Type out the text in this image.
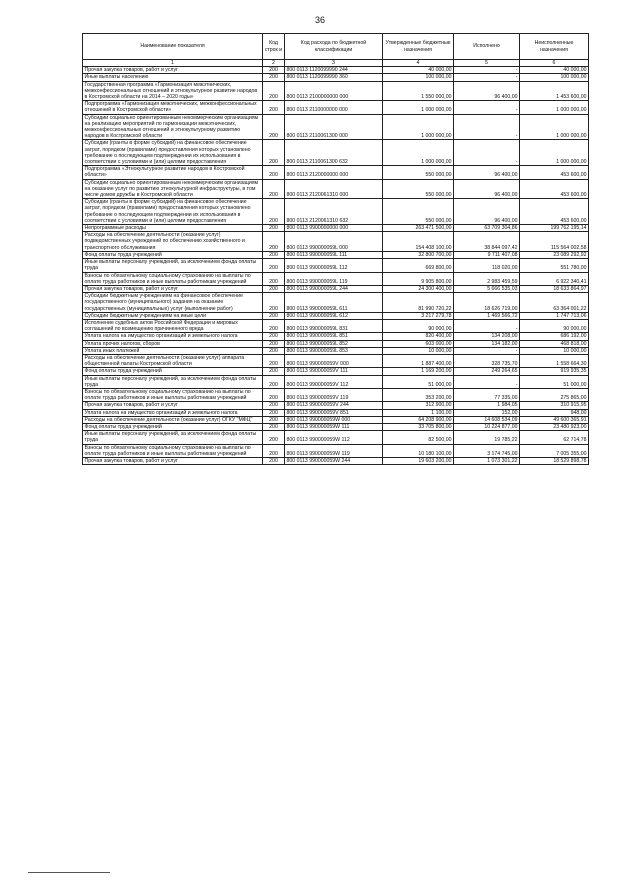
36
Наименование показателя	Код строк и	Код расхода по бюджетной классификации	Утвержденные бюджетные назначения	Исполнено	Неисполненные назначения
1	2	3	4	5	6
Прочая закупка товаров, работ и услуг	200	800 0113 1120099990 244	40 000,00	-	40 000,00
Иные выплаты населению	200	800 0113 1120099990 360	100 000,00	-	100 000,00
Государственная программа «Гармонизация межэтнических, межконфессиональных отношений и этнокультурное развитие народов в Костромской области на 2014 – 2020 годы»	200	800 0113 2100000000 000	1 550 000,00	96 400,00	1 453 600,00
Подпрограмма «Гармонизация межэтнических, межконфессиональных отношений в Костромской области»	200	800 0113 2110000000 000	1 000 000,00	-	1 000 000,00
Субсидии социально ориентированным некоммерческим организациям на реализацию мероприятий по гармонизации межэтнических, межконфессиональных отношений и этнокультурному развитию народов в Костромской области	200	800 0113 2110061300 000	1 000 000,00	-	1 000 000,00
Субсидии (гранты в форме субсидий) на финансовое обеспечение затрат, порядком (правилами) предоставления которых установлено требование о последующем подтверждении их использования в соответствии с условиями и (или) целями предоставления	200	800 0113 2110061300 632	1 000 000,00	-	1 000 000,00
Подпрограмма «Этнокультурное развитие народов в Костромской области»	200	800 0113 2120000000 000	550 000,00	96 400,00	453 600,00
Субсидии социально ориентированным некоммерческим организациям на оказание услуг по развитию этнокультурной инфраструктуры, в том числе домов дружбы в Костромской области	200	800 0113 2120061310 000	550 000,00	96 400,00	453 600,00
Субсидии (гранты в форме субсидий) на финансовое обеспечение затрат, порядком (правилами) предоставления которых установлено требование о последующем подтверждении их использования в соответствии с условиями и (или) целями предоставления	200	800 0113 2120061310 632	550 000,00	96 400,00	453 600,00
Непрограммные расходы	200	800 0113 9900000000 000	263 471 500,00	63 709 304,86	199 762 195,14
Расходы на обеспечение деятельности (оказание услуг) подведомственных учреждений по обеспечению хозяйственного и транспортного обслуживания	200	800 0113 990000059L 000	154 408 100,00	38 844 097,42	115 564 002,58
Фонд оплаты труда учреждений	200	800 0113 990000059L 111	32 800 700,00	9 711 407,08	23 089 292,92
Иные выплаты персоналу учреждений, за исключением фонда оплаты труда	200	800 0113 990000059L 112	669 800,00	118 020,00	551 780,00
Взносы по обязательному социальному страхованию на выплаты по оплате труда работников и иные выплаты работникам учреждений	200	800 0113 990000059L 119	9 905 800,00	2 983 459,59	6 922 340,41
Прочая закупка товаров, работ и услуг	200	800 0113 990000059L 244	24 300 400,00	5 666 535,03	18 633 864,97
Субсидии бюджетным учреждениям на финансовое обеспечение государственного (муниципального) задания на оказание государственных (муниципальных) услуг (выполнение работ)	200	800 0113 990000059L 611	81 990 720,22	18 626 719,00	63 364 001,22
Субсидии бюджетным учреждениям на иные цели	200	800 0113 990000059L 612	3 217 279,78	1 469 566,72	1 747 713,06
Исполнение судебных актов Российской Федерации и мировых соглашений по возмещению причиненного вреда	200	800 0113 990000059L 831	90 000,00	-	90 000,00
Уплата налога на имущество организаций и земельного налога	200	800 0113 990000059L 851	820 400,00	134 208,00	686 192,00
Уплата прочих налогов, сборов	200	800 0113 990000059L 852	603 000,00	134 182,00	468 818,00
Уплата иных платежей	200	800 0113 990000059L 853	10 000,00	-	10 000,00
Расходы на обеспечение деятельности (оказание услуг) аппарата общественной палаты Костромской области	200	800 0113 990000059V 000	1 887 400,00	328 735,70	1 558 664,30
Фонд оплаты труда учреждений	200	800 0113 990000059V 111	1 169 200,00	249 264,65	919 935,35
Иные выплаты персоналу учреждений, за исключением фонда оплаты труда	200	800 0113 990000059V 112	51 000,00	-	51 000,00
Взносы по обязательному социальному страхованию на выплаты по оплате труда работников и иные выплаты работникам учреждений	200	800 0113 990000059V 119	353 200,00	77 335,00	275 865,00
Прочая закупка товаров, работ и услуг	200	800 0113 990000059V 244	312 900,00	1 984,05	310 915,95
Уплата налога на имущество организаций и земельного налога	200	800 0113 990000059V 851	1 100,00	152,00	948,00
Расходы на обеспечение деятельности (оказание услуг) ОГКУ "МФЦ"	200	800 0113 990000059W 000	64 208 900,00	14 608 534,09	49 600 365,91
Фонд оплаты труда учреждений	200	800 0113 990000059W 111	33 705 800,00	10 224 877,00	23 480 923,00
Иные выплаты персоналу учреждений, за исключением фонда оплаты труда	200	800 0113 990000059W 112	82 500,00	19 785,22	62 714,78
Взносы по обязательному социальному страхованию на выплаты по оплате труда работников и иные выплаты работникам учреждений	200	800 0113 990000059W 119	10 180 100,00	3 174 745,00	7 005 355,00
Прочая закупка товаров, работ и услуг	200	800 0113 990000059W 244	19 603 200,00	1 073 301,22	18 529 898,78
